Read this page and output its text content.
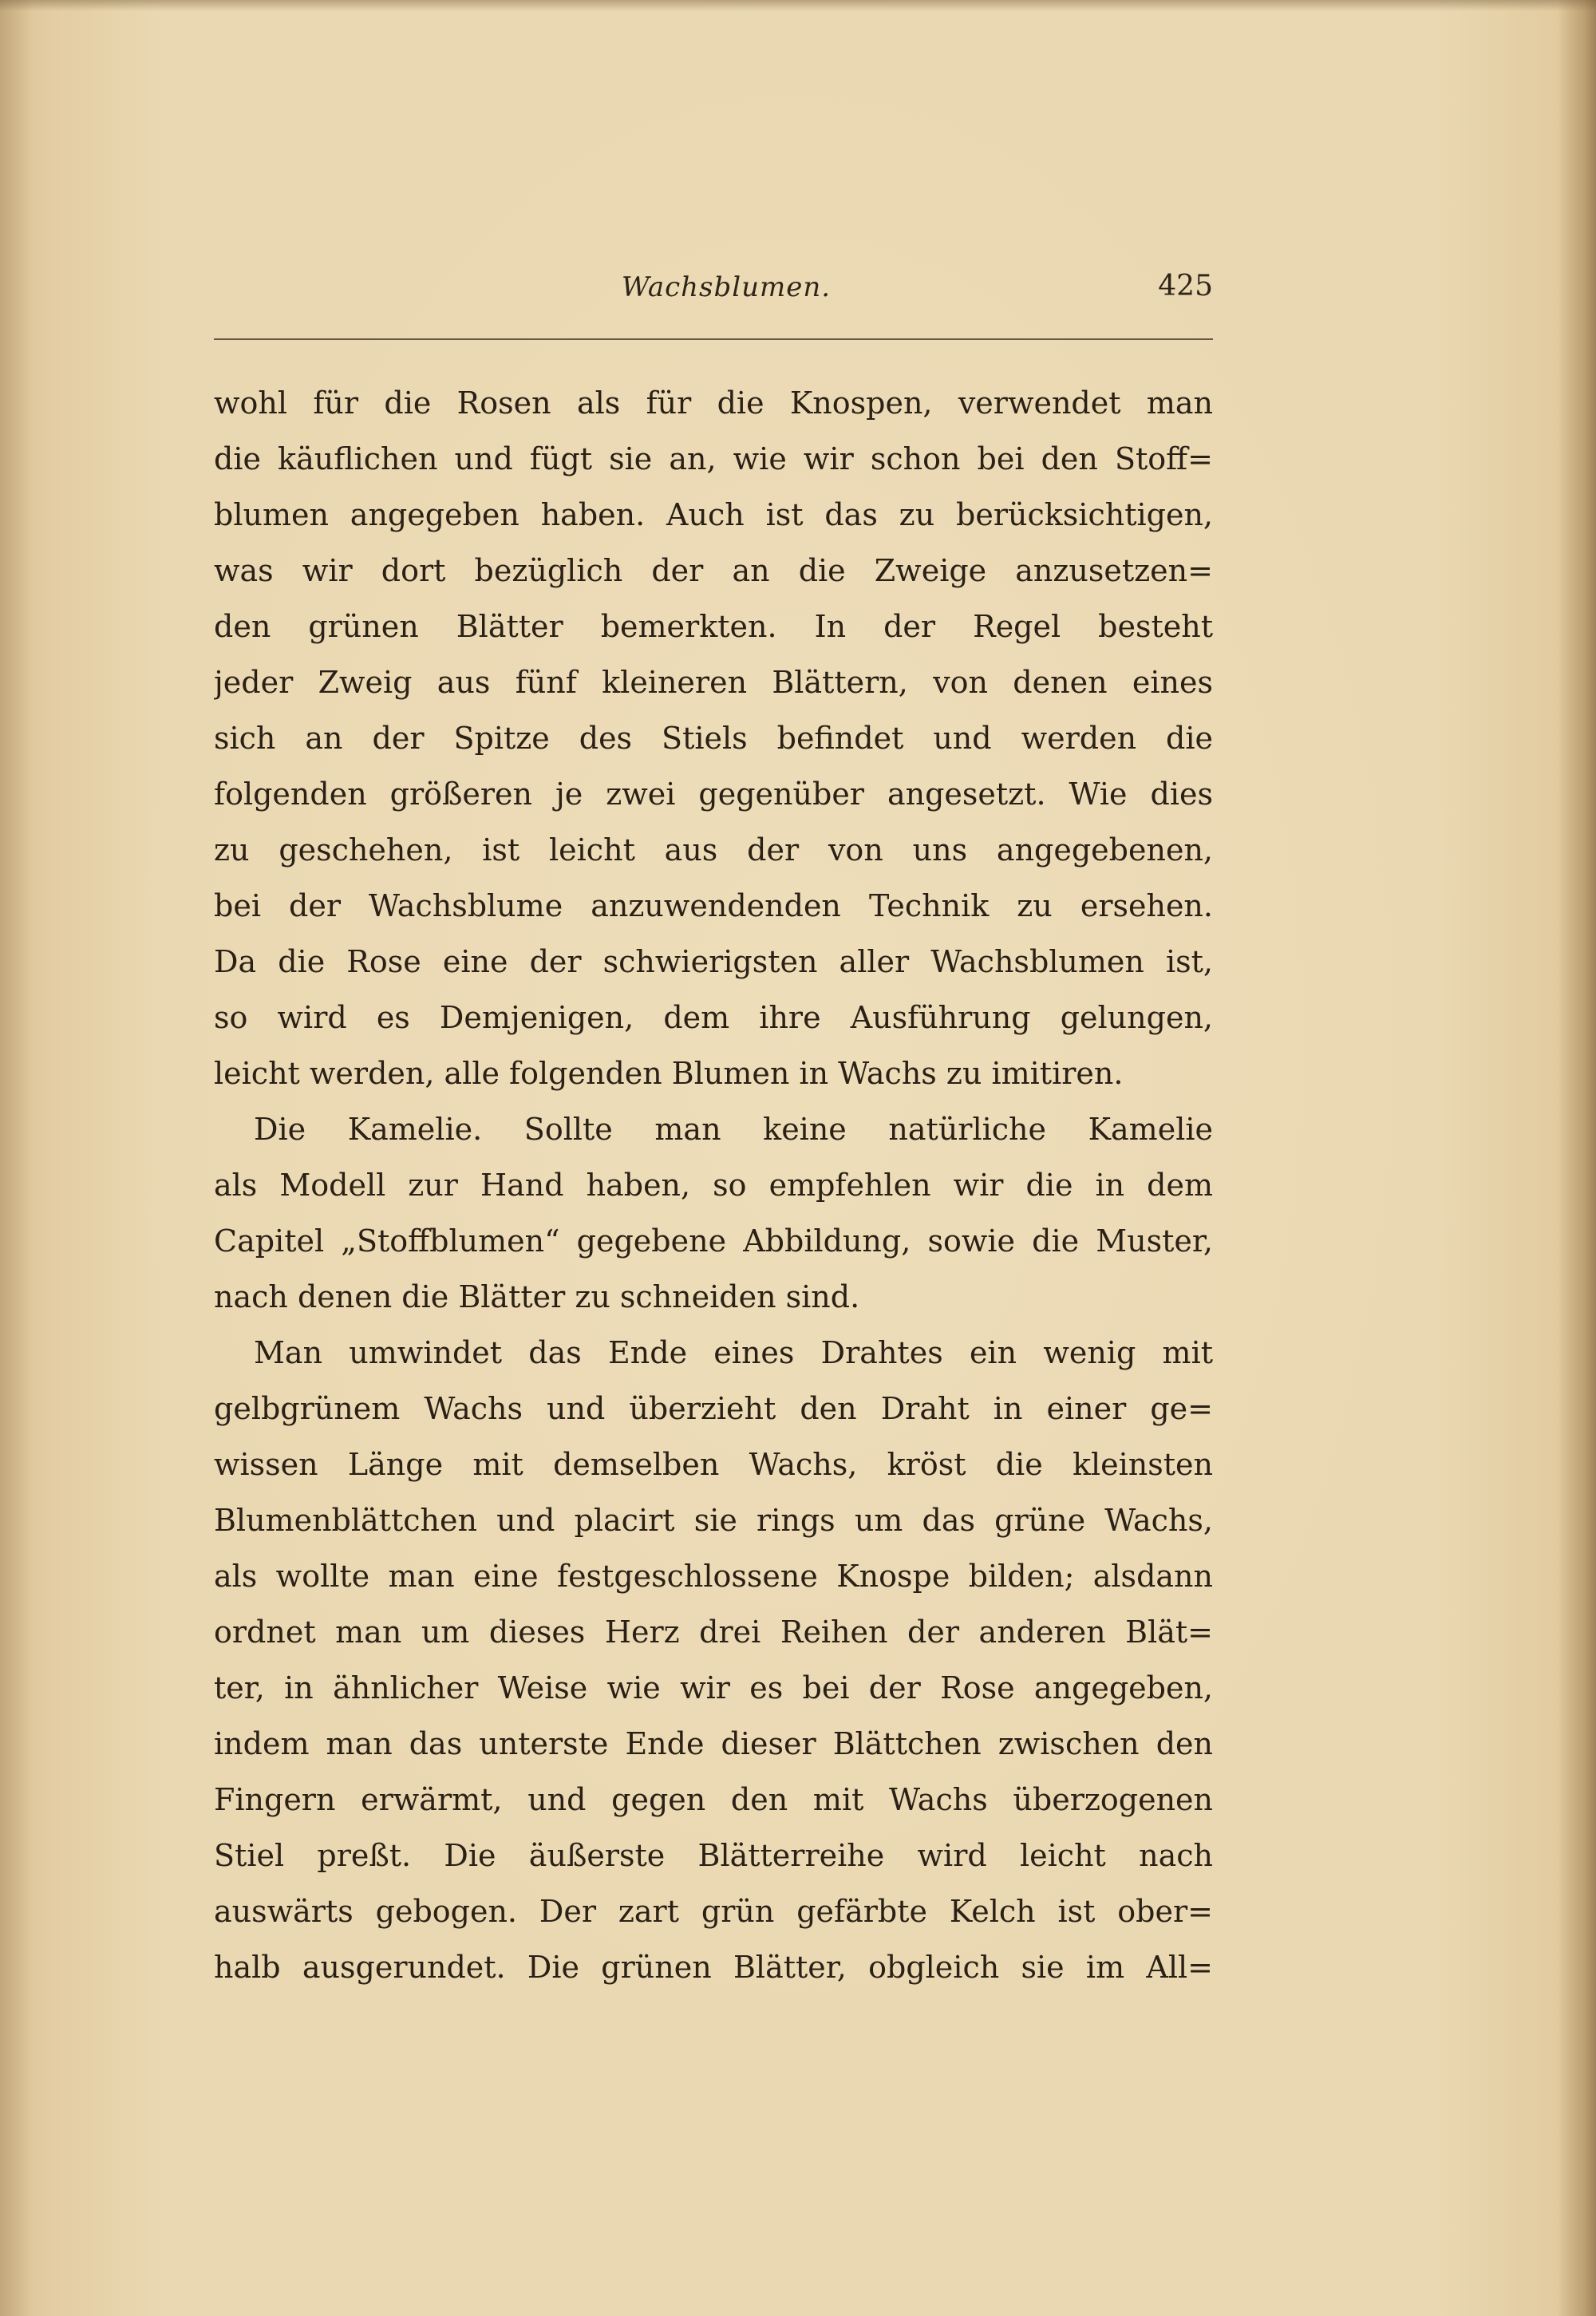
Wachsblumen.	425
wohl für die Rosen als für die Knospen, verwendet man
die käuflichen und fügt sie an, wie wir schon bei den Stoff=
blumen angegeben haben. Auch ist das zu berücksichtigen,
was wir dort bezüglich der an die Zweige anzusetzen=
den grünen Blätter bemerkten. In der Regel besteht
jeder Zweig aus fünf kleineren Blättern, von denen eines
sich an der Spitze des Stiels befindet und werden die
folgenden größeren je zwei gegenüber angesetzt. Wie dies
zu geschehen, ist leicht aus der von uns angegebenen,
bei der Wachsblume anzuwendenden Technik zu ersehen.
Da die Rose eine der schwierigsten aller Wachsblumen ist,
so wird es Demjenigen, dem ihre Ausführung gelungen,
leicht werden, alle folgenden Blumen in Wachs zu imitiren.
Die Kamelie. Sollte man keine natürliche Kamelie
als Modell zur Hand haben, so empfehlen wir die in dem
Capitel „Stoffblumen“ gegebene Abbildung, sowie die Muster,
nach denen die Blätter zu schneiden sind.
Man umwindet das Ende eines Drahtes ein wenig mit
gelbgrünem Wachs und überzieht den Draht in einer ge=
wissen Länge mit demselben Wachs, kröst die kleinsten
Blumenblättchen und placirt sie rings um das grüne Wachs,
als wollte man eine festgeschlossene Knospe bilden; alsdann
ordnet man um dieses Herz drei Reihen der anderen Blät=
ter, in ähnlicher Weise wie wir es bei der Rose angegeben,
indem man das unterste Ende dieser Blättchen zwischen den
Fingern erwärmt, und gegen den mit Wachs überzogenen
Stiel preßt. Die äußerste Blätterreihe wird leicht nach
auswärts gebogen. Der zart grün gefärbte Kelch ist ober=
halb ausgerundet. Die grünen Blätter, obgleich sie im All=
